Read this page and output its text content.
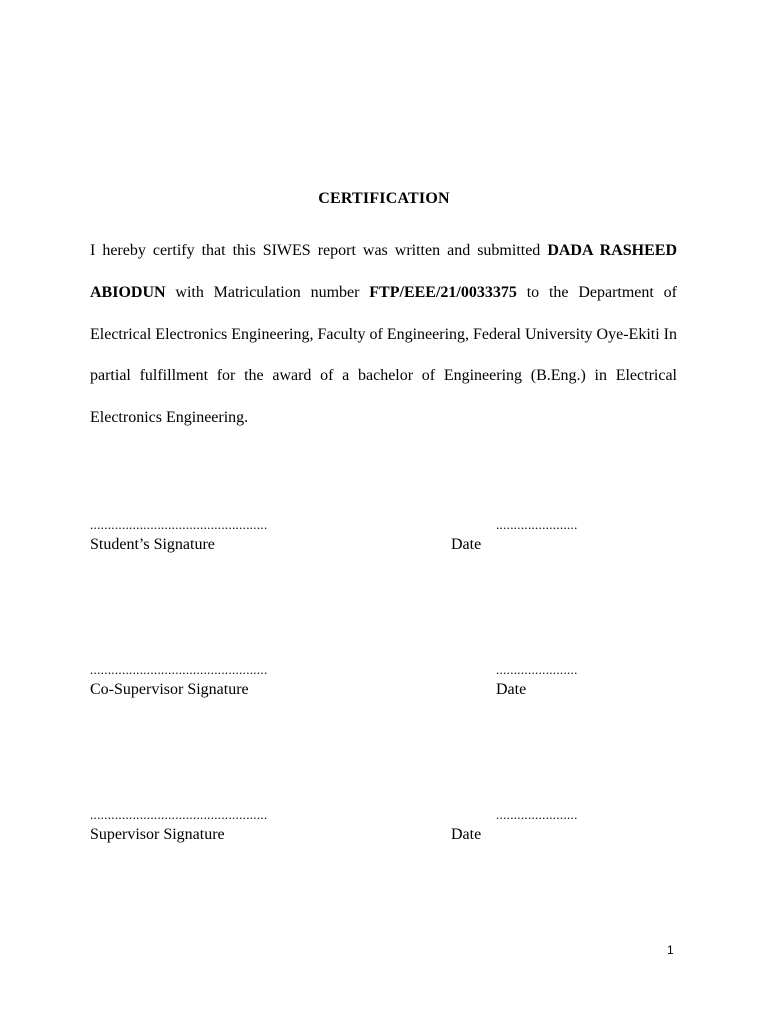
CERTIFICATION

I hereby certify that this SIWES report was written and submitted DADA RASHEED ABIODUN with Matriculation number FTP/EEE/21/0033375 to the Department of Electrical Electronics Engineering, Faculty of Engineering, Federal University Oye-Ekiti In partial fulfillment for the award of a bachelor of Engineering (B.Eng.) in Electrical Electronics Engineering.

..................................................	.......................
Student’s Signature	Date
..................................................	.......................
Co-Supervisor Signature	Date
..................................................	.......................
Supervisor Signature	Date
1
